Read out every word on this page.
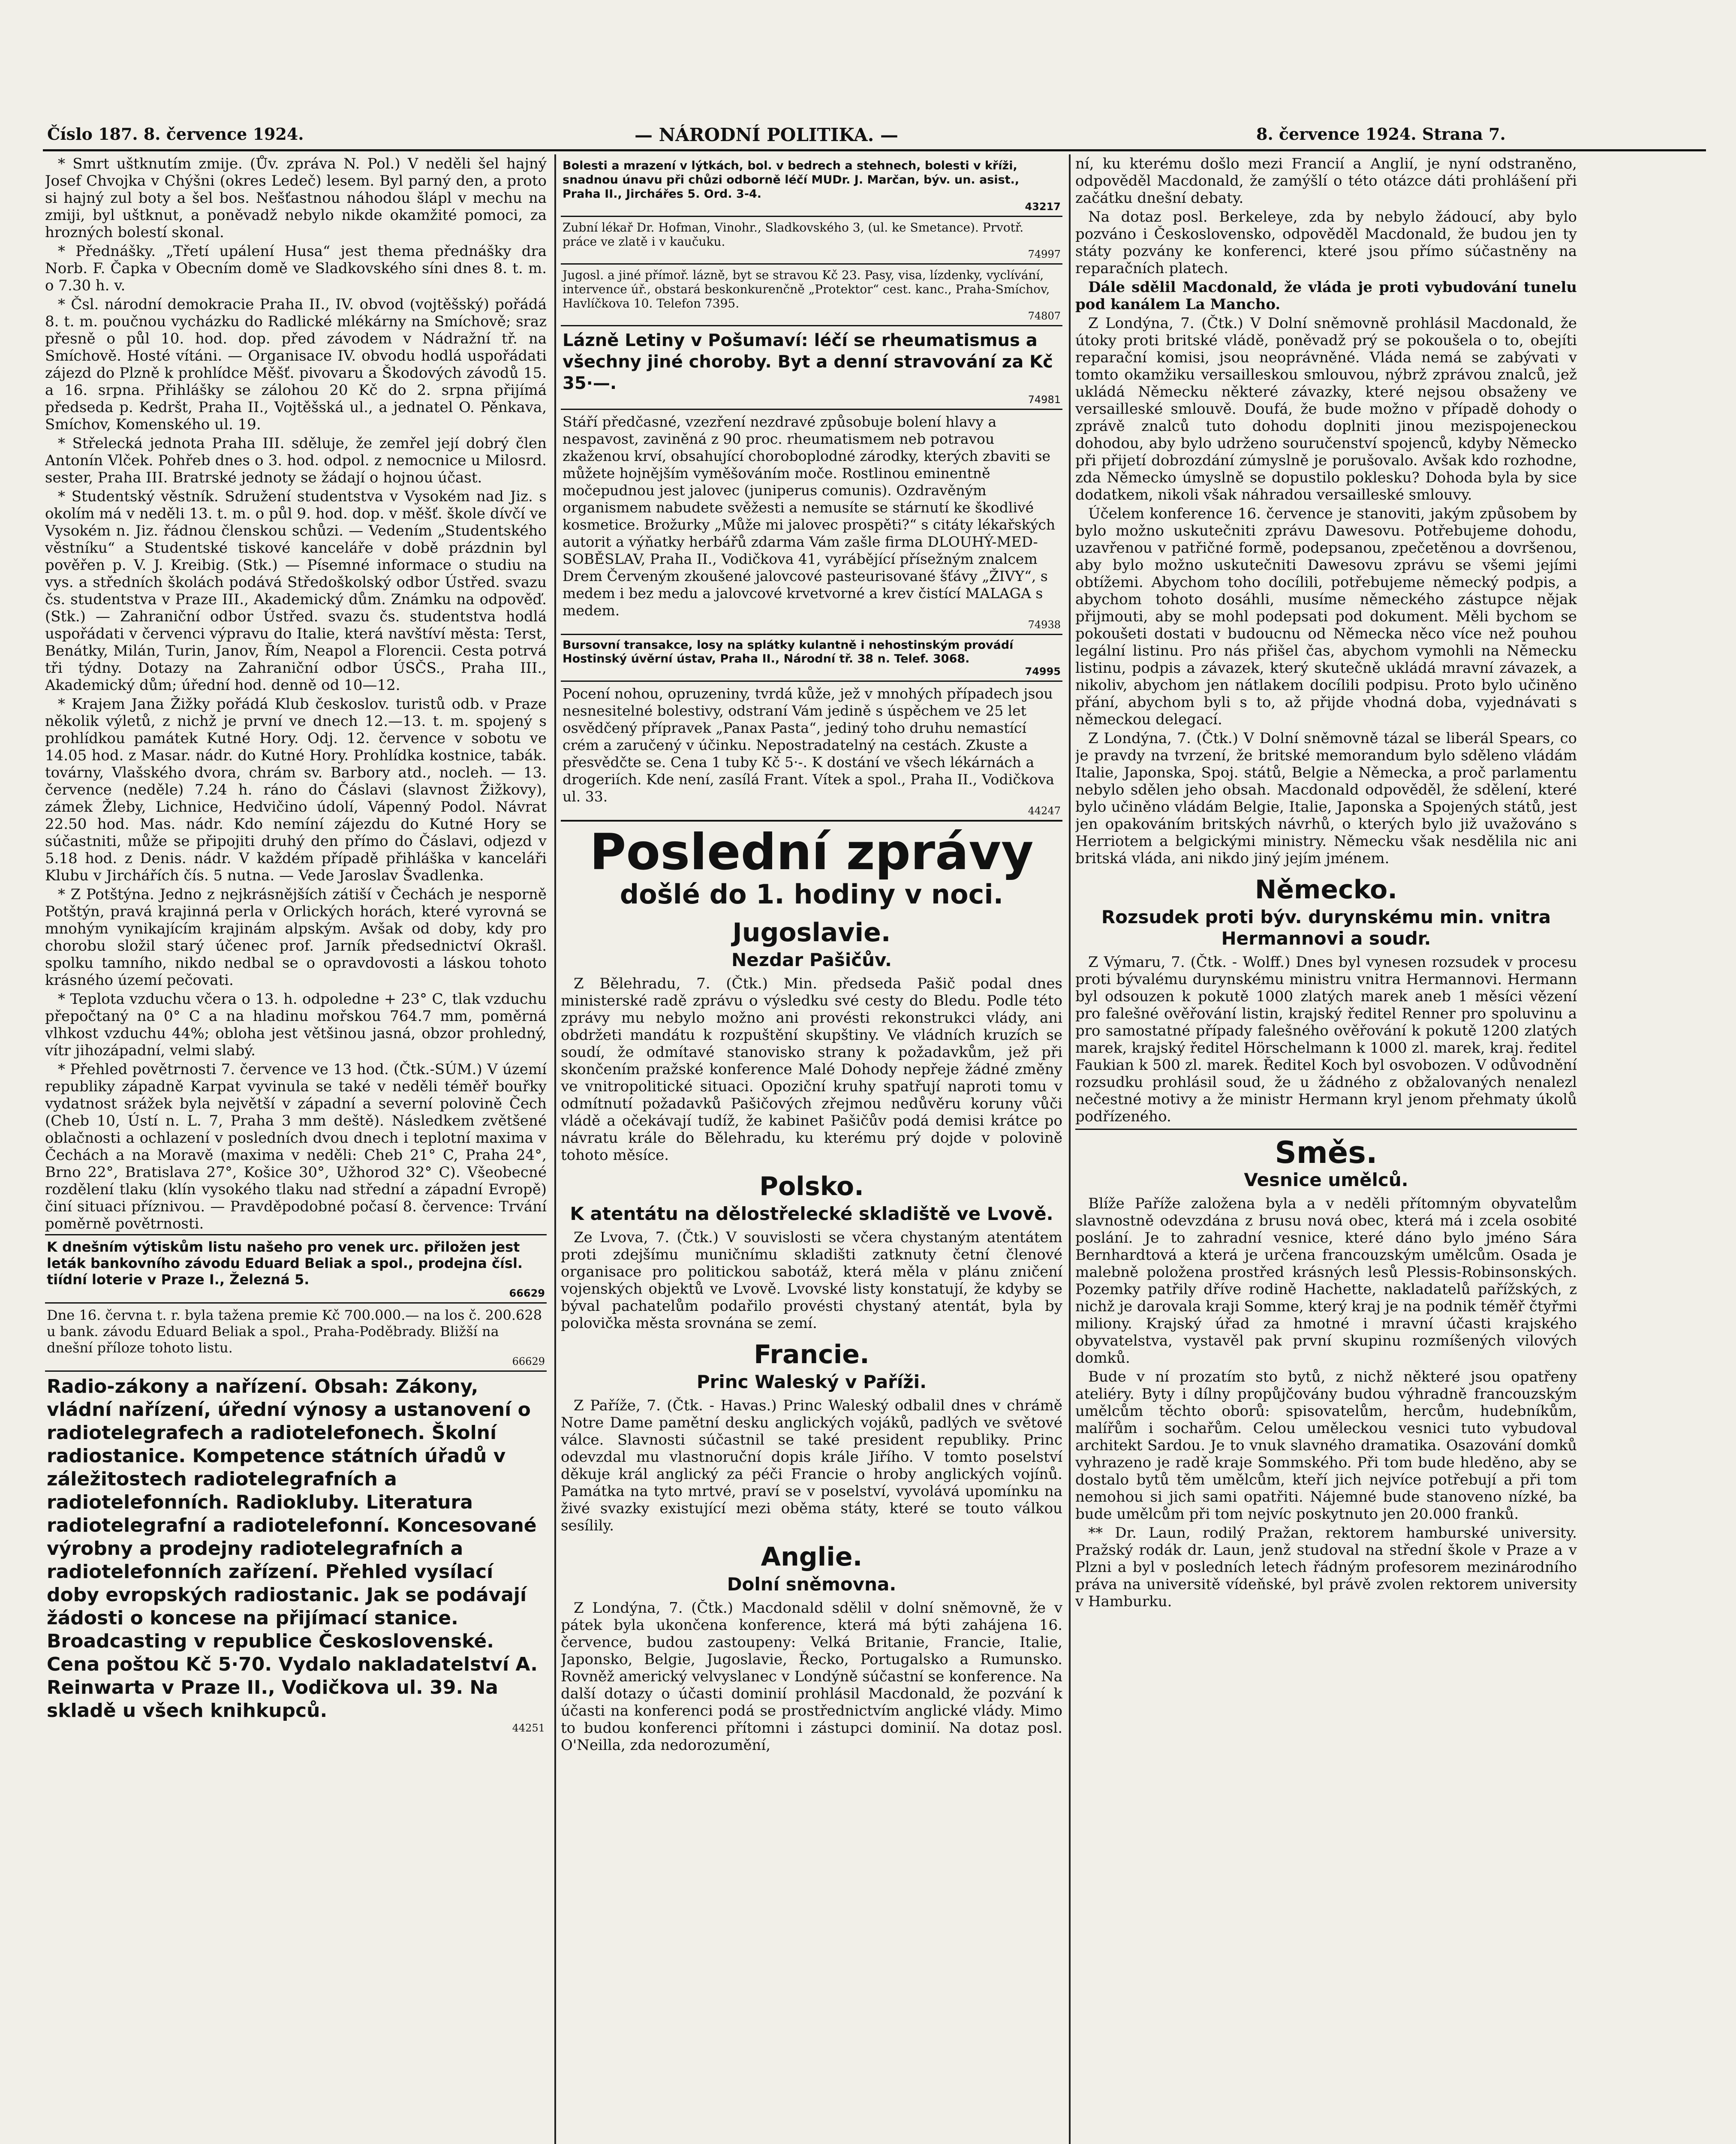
Číslo 187. 8. července 1924.	— NÁRODNÍ POLITIKA. —	8. července 1924. Strana 7.

* Smrt uštknutím zmije. (Ův. zpráva N. Pol.) V neděli šel hajný Josef Chvojka v Chýšni (okres Ledeč) lesem. Byl parný den, a proto si hajný zul boty a šel bos. Nešťastnou náhodou šlápl v mechu na zmiji, byl uštknut, a poněvadž nebylo nikde okamžité pomoci, za hrozných bolestí skonal.

* Přednášky. „Třetí upálení Husa“ jest thema přednášky dra Norb. F. Čapka v Obecním domě ve Sladkovského síni dnes 8. t. m. o 7.30 h. v.

* Čsl. národní demokracie Praha II., IV. obvod (vojtěšský) pořádá 8. t. m. poučnou vycházku do Radlické mlékárny na Smíchově; sraz přesně o půl 10. hod. dop. před závodem v Nádražní tř. na Smíchově. Hosté vítáni. — Organisace IV. obvodu hodlá uspořádati zájezd do Plzně k prohlídce Měšť. pivovaru a Škodových závodů 15. a 16. srpna. Přihlášky se zálohou 20 Kč do 2. srpna přijímá předseda p. Kedršt, Praha II., Vojtěšská ul., a jednatel O. Pěnkava, Smíchov, Komenského ul. 19.

* Střelecká jednota Praha III. sděluje, že zemřel její dobrý člen Antonín Vlček. Pohřeb dnes o 3. hod. odpol. z nemocnice u Milosrd. sester, Praha III. Bratrské jednoty se žádají o hojnou účast.

* Studentský věstník. Sdružení studentstva v Vysokém nad Jiz. s okolím má v neděli 13. t. m. o půl 9. hod. dop. v měšť. škole dívčí ve Vysokém n. Jiz. řádnou členskou schůzi. — Vedením „Studentského věstníku“ a Studentské tiskové kanceláře v době prázdnin byl pověřen p. V. J. Kreibig. (Stk.) — Písemné informace o studiu na vys. a středních školách podává Středoškolský odbor Ústřed. svazu čs. studentstva v Praze III., Akademický dům. Známku na odpověď. (Stk.) — Zahraniční odbor Ústřed. svazu čs. studentstva hodlá uspořádati v červenci výpravu do Italie, která navštíví města: Terst, Benátky, Milán, Turin, Janov, Řím, Neapol a Florencii. Cesta potrvá tři týdny. Dotazy na Zahraniční odbor ÚSČS., Praha III., Akademický dům; úřední hod. denně od 10—12.

* Krajem Jana Žižky pořádá Klub českoslov. turistů odb. v Praze několik výletů, z nichž je první ve dnech 12.—13. t. m. spojený s prohlídkou památek Kutné Hory. Odj. 12. července v sobotu ve 14.05 hod. z Masar. nádr. do Kutné Hory. Prohlídka kostnice, tabák. továrny, Vlašského dvora, chrám sv. Barbory atd., nocleh. — 13. července (neděle) 7.24 h. ráno do Čáslavi (slavnost Žižkovy), zámek Žleby, Lichnice, Hedvičino údolí, Vápenný Podol. Návrat 22.50 hod. Mas. nádr. Kdo nemíní zájezdu do Kutné Hory se súčastniti, může se připojiti druhý den přímo do Čáslavi, odjezd v 5.18 hod. z Denis. nádr. V každém případě přihláška v kanceláři Klubu v Jirchářích čís. 5 nutna. — Vede Jaroslav Švadlenka.

* Z Potštýna. Jedno z nejkrásnějších zátiší v Čechách je nesporně Potštýn, pravá krajinná perla v Orlických horách, které vyrovná se mnohým vynikajícím krajinám alpským. Avšak od doby, kdy pro chorobu složil starý účenec prof. Jarník předsednictví Okrašl. spolku tamního, nikdo nedbal se o opravdovosti a láskou tohoto krásného území pečovati.

* Teplota vzduchu včera o 13. h. odpoledne + 23° C, tlak vzduchu přepočtaný na 0° C a na hladinu mořskou 764.7 mm, poměrná vlhkost vzduchu 44%; obloha jest většinou jasná, obzor prohledný, vítr jihozápadní, velmi slabý.

* Přehled povětrnosti 7. července ve 13 hod. (Čtk.-SÚM.) V území republiky západně Karpat vyvinula se také v neděli téměř bouřky vydatnost srážek byla největší v západní a severní polovině Čech (Cheb 10, Ústí n. L. 7, Praha 3 mm deště). Následkem zvětšené oblačnosti a ochlazení v posledních dvou dnech i teplotní maxima v Čechách a na Moravě (maxima v neděli: Cheb 21° C, Praha 24°, Brno 22°, Bratislava 27°, Košice 30°, Užhorod 32° C). Všeobecné rozdělení tlaku (klín vysokého tlaku nad střední a západní Evropě) činí situaci příznivou. — Pravděpodobné počasí 8. července: Trvání poměrně povětrnosti.

K dnešním výtiskům listu našeho pro venek urc. přiložen jest leták bankovního závodu Eduard Beliak a spol., prodejna čísl. tiídní loterie v Praze I., Železná 5.
66629
Dne 16. června t. r. byla tažena premie Kč 700.000.— na los č. 200.628 u bank. závodu Eduard Beliak a spol., Praha-Poděbrady. Bližší na dnešní příloze tohoto listu.
66629
Radio-zákony a nařízení. Obsah: Zákony, vládní nařízení, úřední výnosy a ustanovení o radiotelegrafech a radiotelefonech. Školní radiostanice. Kompetence státních úřadů v záležitostech radiotelegrafních a radiotelefonních. Radiokluby. Literatura radiotelegrafní a radiotelefonní. Koncesované výrobny a prodejny radiotelegrafních a radiotelefonních zařízení. Přehled vysílací doby evropských radiostanic. Jak se podávají žádosti o koncese na přijímací stanice. Broadcasting v republice Československé. Cena poštou Kč 5·70. Vydalo nakladatelství A. Reinwarta v Praze II., Vodičkova ul. 39. Na skladě u všech knihkupců.
44251
Bolesti a mrazení v lýtkách, bol. v bedrech a stehnech, bolesti v kříži, snadnou únavu při chůzi odborně léčí MUDr. J. Marčan, býv. un. asist., Praha II., Jirchářes 5. Ord. 3-4.
43217
Zubní lékař Dr. Hofman, Vinohr., Sladkovského 3, (ul. ke Smetance). Prvotř. práce ve zlatě i v kaučuku.
74997
Jugosl. a jiné přímoř. lázně, byt se stravou Kč 23. Pasy, visa, lízdenky, vyclívání, intervence úř., obstará beskonkurenčně „Protektor“ cest. kanc., Praha-Smíchov, Havlíčkova 10. Telefon 7395.
74807
Lázně Letiny v Pošumaví: léčí se rheumatismus a všechny jiné choroby. Byt a denní stravování za Kč 35·—.
74981
Stáří předčasné, vzezření nezdravé způsobuje bolení hlavy a nespavost, zaviněná z 90 proc. rheumatismem neb potravou zkaženou krví, obsahující choroboplodné zárodky, kterých zbaviti se můžete hojnějším vyměšováním moče. Rostlinou eminentně močepudnou jest jalovec (juniperus comunis). Ozdravěným organismem nabudete svěžesti a nemusíte se stárnutí ke škodlivé kosmetice. Brožurky „Může mi jalovec prospěti?“ s citáty lékařských autorit a výňatky herbářů zdarma Vám zašle firma DLOUHÝ-MED-SOBĚSLAV, Praha II., Vodičkova 41, vyrábějící přísežným znalcem Drem Červeným zkoušené jalovcové pasteurisované šťávy „ŽIVY“, s medem i bez medu a jalovcové krvetvorné a krev čistící MALAGA s medem.
74938
Bursovní transakce, losy na splátky kulantně i nehostinským provádí Hostinský úvěrní ústav, Praha II., Národní tř. 38 n. Telef. 3068.
74995
Pocení nohou, opruzeniny, tvrdá kůže, jež v mnohých případech jsou nesnesitelné bolestivy, odstraní Vám jedině s úspěchem ve 25 let osvědčený přípravek „Panax Pasta“, jediný toho druhu nemastící crém a zaručený v účinku. Nepostradatelný na cestách. Zkuste a přesvědčte se. Cena 1 tuby Kč 5·-. K dostání ve všech lékárnách a drogeriích. Kde není, zasílá Frant. Vítek a spol., Praha II., Vodičkova ul. 33.
44247
Poslední zprávy
došlé do 1. hodiny v noci.
Jugoslavie.
Nezdar Pašičův.

Z Bělehradu, 7. (Čtk.) Min. předseda Pašič podal dnes ministerské radě zprávu o výsledku své cesty do Bledu. Podle této zprávy mu nebylo možno ani provésti rekonstrukci vlády, ani obdržeti mandátu k rozpuštění skupštiny. Ve vládních kruzích se soudí, že odmítavé stanovisko strany k požadavkům, jež při skončením pražské konference Malé Dohody nepřeje žádné změny ve vnitropolitické situaci. Opoziční kruhy spatřují naproti tomu v odmítnutí požadavků Pašičových zřejmou nedůvěru koruny vůči vládě a očekávají tudíž, že kabinet Pašičův podá demisi krátce po návratu krále do Bělehradu, ku kterému prý dojde v polovině tohoto měsíce.

Polsko.
K atentátu na dělostřelecké skladiště ve Lvově.

Ze Lvova, 7. (Čtk.) V souvislosti se včera chystaným atentátem proti zdejšímu muničnímu skladišti zatknuty četní členové organisace pro politickou sabotáž, která měla v plánu zničení vojenských objektů ve Lvově. Lvovské listy konstatují, že kdyby se býval pachatelům podařilo provésti chystaný atentát, byla by polovička města srovnána se zemí.

Francie.
Princ Waleský v Paříži.

Z Paříže, 7. (Čtk. - Havas.) Princ Waleský odbalil dnes v chrámě Notre Dame pamětní desku anglických vojáků, padlých ve světové válce. Slavnosti súčastnil se také president republiky. Princ odevzdal mu vlastnoruční dopis krále Jiřího. V tomto poselství děkuje král anglický za péči Francie o hroby anglických vojínů. Památka na tyto mrtvé, praví se v poselství, vyvolává upomínku na živé svazky existující mezi oběma státy, které se touto válkou sesílily.

Anglie.
Dolní sněmovna.

Z Londýna, 7. (Čtk.) Macdonald sdělil v dolní sněmovně, že v pátek byla ukončena konference, která má býti zahájena 16. července, budou zastoupeny: Velká Britanie, Francie, Italie, Japonsko, Belgie, Jugoslavie, Řecko, Portugalsko a Rumunsko. Rovněž americký velvyslanec v Londýně súčastní se konference. Na další dotazy o účasti dominií prohlásil Macdonald, že pozvání k účasti na konferenci podá se prostřednictvím anglické vlády. Mimo to budou konferenci přítomni i zástupci dominií. Na dotaz posl. O'Neilla, zda nedorozumění,

ní, ku kterému došlo mezi Francií a Anglií, je nyní odstraněno, odpověděl Macdonald, že zamýšlí o této otázce dáti prohlášení při začátku dnešní debaty.

Na dotaz posl. Berkeleye, zda by nebylo žádoucí, aby bylo pozváno i Československo, odpověděl Macdonald, že budou jen ty státy pozvány ke konferenci, které jsou přímo súčastněny na reparačních platech.

Dále sdělil Macdonald, že vláda je proti vybudování tunelu pod kanálem La Mancho.

Z Londýna, 7. (Čtk.) V Dolní sněmovně prohlásil Macdonald, že útoky proti britské vládě, poněvadž prý se pokoušela o to, obejíti reparační komisi, jsou neoprávněné. Vláda nemá se zabývati v tomto okamžiku versailleskou smlouvou, nýbrž zprávou znalců, jež ukládá Německu některé závazky, které nejsou obsaženy ve versailleské smlouvě. Doufá, že bude možno v případě dohody o zprávě znalců tuto dohodu doplniti jinou mezispojeneckou dohodou, aby bylo udrženo souručenství spojenců, kdyby Německo při přijetí dobrozdání zúmyslně je porušovalo. Avšak kdo rozhodne, zda Německo úmyslně se dopustilo poklesku? Dohoda byla by sice dodatkem, nikoli však náhradou versailleské smlouvy.

Účelem konference 16. července je stanoviti, jakým způsobem by bylo možno uskutečniti zprávu Dawesovu. Potřebujeme dohodu, uzavřenou v patřičné formě, podepsanou, zpečetěnou a dovršenou, aby bylo možno uskutečniti Dawesovu zprávu se všemi jejími obtížemi. Abychom toho docílili, potřebujeme německý podpis, a abychom tohoto dosáhli, musíme německého zástupce nějak přijmouti, aby se mohl podepsati pod dokument. Měli bychom se pokoušeti dostati v budoucnu od Německa něco více než pouhou legální listinu. Pro nás přišel čas, abychom vymohli na Německu listinu, podpis a závazek, který skutečně ukládá mravní závazek, a nikoliv, abychom jen nátlakem docílili podpisu. Proto bylo učiněno přání, abychom byli s to, až přijde vhodná doba, vyjednávati s německou delegací.

Z Londýna, 7. (Čtk.) V Dolní sněmovně tázal se liberál Spears, co je pravdy na tvrzení, že britské memorandum bylo sděleno vládám Italie, Japonska, Spoj. států, Belgie a Německa, a proč parlamentu nebylo sdělen jeho obsah. Macdonald odpověděl, že sdělení, které bylo učiněno vládám Belgie, Italie, Japonska a Spojených států, jest jen opakováním britských návrhů, o kterých bylo již uvažováno s Herriotem a belgickými ministry. Německu však nesdělila nic ani britská vláda, ani nikdo jiný jejím jménem.

Německo.
Rozsudek proti býv. durynskému min. vnitra Hermannovi a soudr.

Z Výmaru, 7. (Čtk. - Wolff.) Dnes byl vynesen rozsudek v procesu proti bývalému durynskému ministru vnitra Hermannovi. Hermann byl odsouzen k pokutě 1000 zlatých marek aneb 1 měsíci vězení pro falešné ověřování listin, krajský ředitel Renner pro spoluvinu a pro samostatné případy falešného ověřování k pokutě 1200 zlatých marek, krajský ředitel Hörschelmann k 1000 zl. marek, kraj. ředitel Faukian k 500 zl. marek. Ředitel Koch byl osvobozen. V odůvodnění rozsudku prohlásil soud, že u žádného z obžalovaných nenalezl nečestné motivy a že ministr Hermann kryl jenom přehmaty úkolů podřízeného.

Směs.
Vesnice umělců.

Blíže Paříže založena byla a v neděli přítomným obyvatelům slavnostně odevzdána z brusu nová obec, která má i zcela osobité poslání. Je to zahradní vesnice, které dáno bylo jméno Sára Bernhardtová a která je určena francouzským umělcům. Osada je malebně položena prostřed krásných lesů Plessis-Robinsonských. Pozemky patřily dříve rodině Hachette, nakladatelů pařížských, z nichž je darovala kraji Somme, který kraj je na podnik téměř čtyřmi miliony. Krajský úřad za hmotné i mravní účasti krajského obyvatelstva, vystavěl pak první skupinu rozmíšených vilových domků.

Bude v ní prozatím sto bytů, z nichž některé jsou opatřeny ateliéry. Byty i dílny propůjčovány budou výhradně francouzským umělcům těchto oborů: spisovatelům, hercům, hudebníkům, malířům i sochařům. Celou uměleckou vesnici tuto vybudoval architekt Sardou. Je to vnuk slavného dramatika. Osazování domků vyhrazeno je radě kraje Sommského. Při tom bude hleděno, aby se dostalo bytů těm umělcům, kteří jich nejvíce potřebují a při tom nemohou si jich sami opatřiti. Nájemné bude stanoveno nízké, ba bude umělcům při tom nejvíc poskytnuto jen 20.000 franků.

** Dr. Laun, rodilý Pražan, rektorem hamburské university. Pražský rodák dr. Laun, jenž studoval na střední škole v Praze a v Plzni a byl v posledních letech řádným profesorem mezinárodního práva na universitě vídeňské, byl právě zvolen rektorem university v Hamburku.
